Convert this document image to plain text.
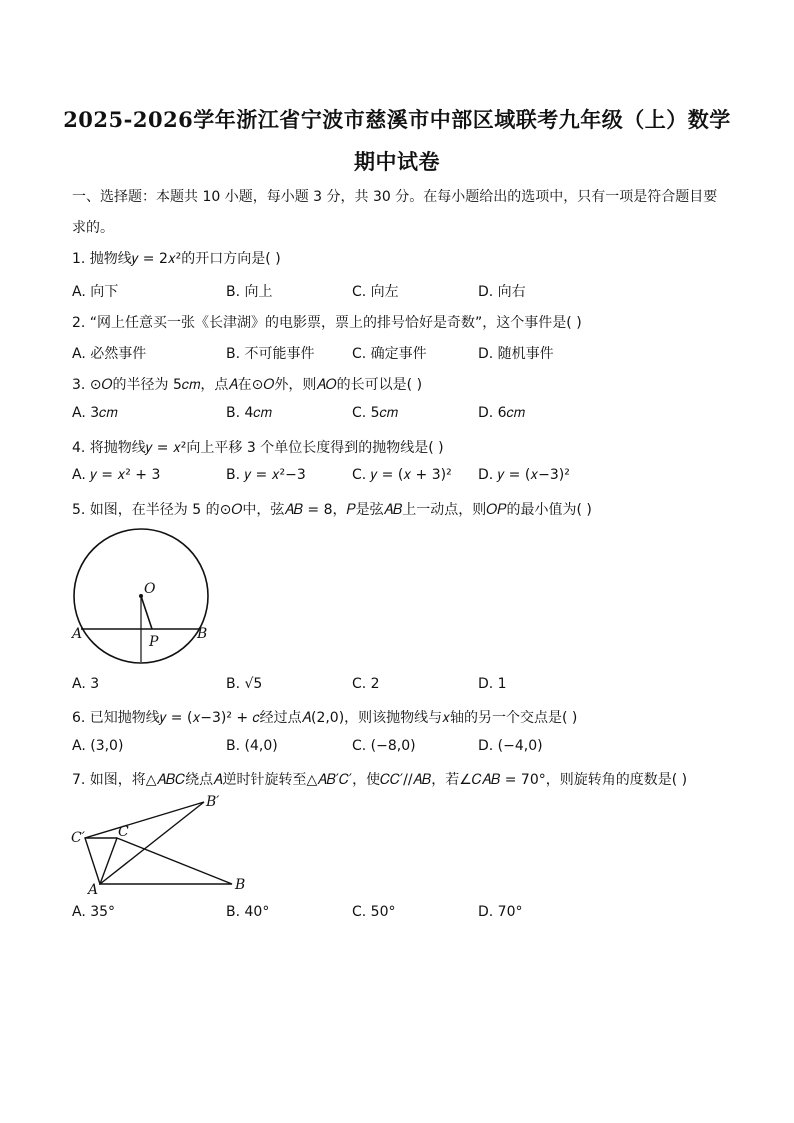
2025-2026学年浙江省宁波市慈溪市中部区域联考九年级（上）数学
期中试卷
一、选择题：本题共 10 小题，每小题 3 分，共 30 分。在每小题给出的选项中，只有一项是符合题目要求的。
1. 抛物线𝑦 = 2𝑥²的开口方向是( )
A. 向下	B. 向上	C. 向左	D. 向右
2. “网上任意买一张《长津湖》的电影票，票上的排号恰好是奇数”，这个事件是( )
A. 必然事件	B. 不可能事件	C. 确定事件	D. 随机事件
3. ⊙𝑂的半径为 5𝑐𝑚，点𝐴在⊙𝑂外，则𝐴𝑂的长可以是( )
A. 3𝑐𝑚	B. 4𝑐𝑚	C. 5𝑐𝑚	D. 6𝑐𝑚
4. 将抛物线𝑦 = 𝑥²向上平移 3 个单位长度得到的抛物线是( )
A. 𝑦 = 𝑥² + 3	B. 𝑦 = 𝑥²−3	C. 𝑦 = (𝑥 + 3)² D. 𝑦 = (𝑥−3)²
5. 如图，在半径为 5 的⊙𝑂中，弦𝐴𝐵 = 8，𝑃是弦𝐴𝐵上一动点，则𝑂𝑃的最小值为( )
O
A	B
P
A. 3	B. √5	C. 2	D. 1
6. 已知抛物线𝑦 = (𝑥−3)² + 𝑐经过点𝐴(2,0)，则该抛物线与𝑥轴的另一个交点是( )
A. (3,0)	B. (4,0)	C. (−8,0)	D. (−4,0)
7. 如图，将△𝐴𝐵𝐶绕点𝐴逆时针旋转至△𝐴𝐵′𝐶′，使𝐶𝐶′//𝐴𝐵，若∠𝐶𝐴𝐵 = 70°，则旋转角的度数是( )
C′ C
B′
A	B
A. 35°	B. 40°	C. 50°	D. 70°
